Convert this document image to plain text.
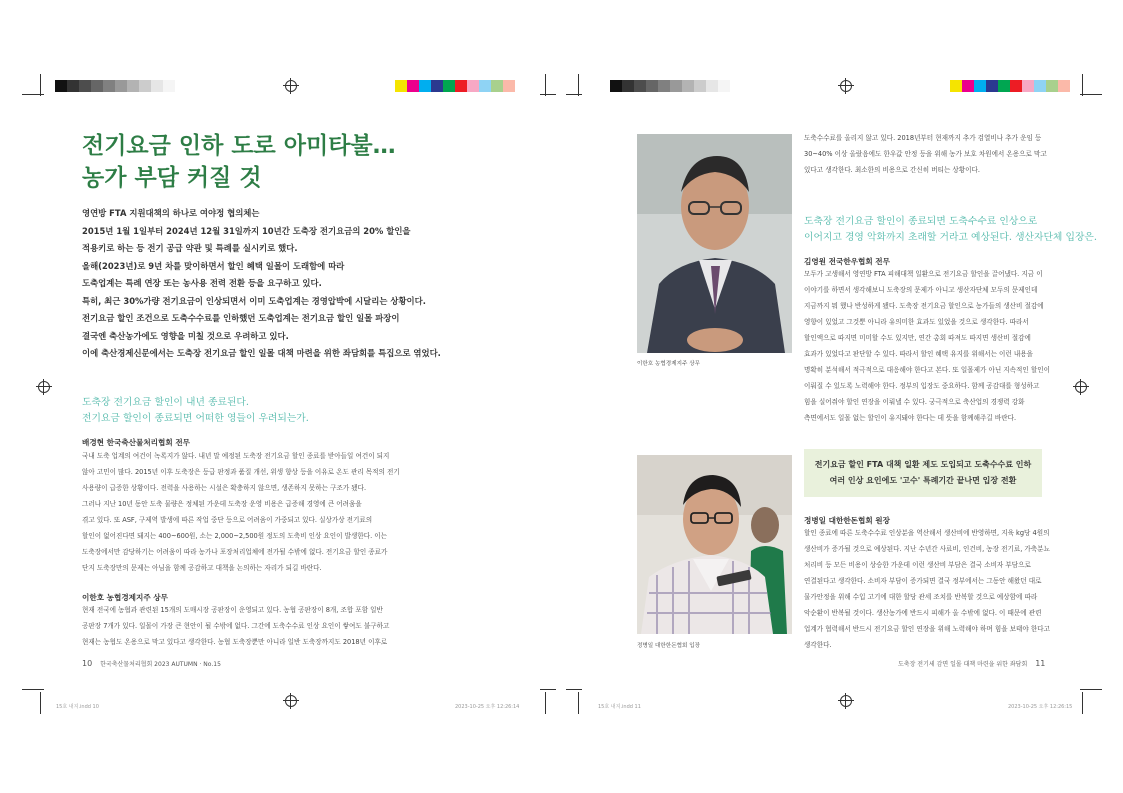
전기요금 인하 도로 아미타불…
농가 부담 커질 것
영연방 FTA 지원대책의 하나로 여야정 협의체는
2015년 1월 1일부터 2024년 12월 31일까지 10년간 도축장 전기요금의 20% 할인을
적용키로 하는 등 전기 공급 약관 및 특례를 실시키로 했다.
올해(2023년)로 9년 차를 맞이하면서 할인 혜택 일몰이 도래함에 따라
도축업계는 특례 연장 또는 농사용 전력 전환 등을 요구하고 있다.
특히, 최근 30%가량 전기요금이 인상되면서 이미 도축업계는 경영압박에 시달리는 상황이다.
전기요금 할인 조건으로 도축수수료를 인하했던 도축업계는 전기요금 할인 일몰 파장이
결국엔 축산농가에도 영향을 미칠 것으로 우려하고 있다.
이에 축산경제신문에서는 도축장 전기요금 할인 일몰 대책 마련을 위한 좌담회를 특집으로 엮었다.
도축장 전기요금 할인이 내년 종료된다.
전기요금 할인이 종료되면 어떠한 영들이 우려되는가.
배경현 한국축산물처리협회 전무

국내 도축 업계의 여건이 녹록지가 않다. 내년 말 예정된 도축장 전기요금 할인 종료를 받아들일 여건이 되지

않아 고민이 많다. 2015년 이후 도축장은 등급 판정과 품질 개선, 위생 향상 등을 이유로 온도 관리 목적의 전기

사용량이 급증한 상황이다. 전력을 사용하는 시설은 확충하지 않으면, 생존하지 못하는 구조가 됐다.

그러나 지난 10년 동안 도축 물량은 정체된 가운데 도축장 운영 비용은 급증해 경영에 큰 어려움을

겪고 있다. 또 ASF, 구제역 발생에 따른 작업 중단 등으로 어려움이 가중되고 있다. 실상가상 전기료의

할인이 없어진다면 돼지는 400~600원, 소는 2,000~2,500원 정도의 도축비 인상 요인이 발생한다. 이는

도축장에서만 감당하기는 어려움이 따라 농가나 포장처리업체에 전가될 수밖에 없다. 전기요금 할인 종료가

단지 도축장만의 문제는 아님을 함께 공감하고 대책을 논의하는 자리가 되길 바란다.

이한호 농협경제지주 상무

현재 전국에 농협과 관련된 15개의 도매시장 공판장이 운영되고 있다. 농협 공판장이 8개, 조합 포함 일반

공판장 7개가 있다. 일몰이 가장 큰 현안이 될 수밖에 없다. 그간에 도축수수료 인상 요인이 쌓여도 불구하고

현재는 농협도 온용으로 막고 있다고 생각한다. 농협 도축장뿐만 아니라 일반 도축장까지도 2018년 이후로

10 한국축산물처리협회 2023 AUTUMN · No.15
15호 내지.indd 10	2023-10-25 오후 12:26:14
이한호 농협경제지주 상무

도축수수료를 올리지 않고 있다. 2018년부터 현재까지 추가 검열비나 추가 운임 등

30~40% 이상 올랐음에도 한우값 안정 등을 위해 농가 보호 차원에서 온용으로 막고

있다고 생각한다. 최소한의 비용으로 간신히 버티는 상황이다.

도축장 전기요금 할인이 종료되면 도축수수료 인상으로
이어지고 경영 악화까지 초래할 거라고 예상된다. 생산자단체 입장은.
김영원 전국한우협회 전무

모두가 고생해서 영연방 FTA 피해대책 일환으로 전기요금 할인을 끌어냈다. 지금 이

이야기를 하면서 생각해보니 도축장의 문제가 아니고 생산자단체 모두의 문제인데

지금까지 뭐 했나 반성하게 됐다. 도축장 전기요금 할인으로 농가들의 생산비 절감에

영향이 있었고 그것뿐 아니라 유의미한 효과도 있었을 것으로 생각한다. 따라서

할인액으로 따지면 미미할 수도 있지만, 연간 총회 따져도 따지면 생산비 절감에

효과가 있었다고 판단할 수 있다. 따라서 할인 혜택 유지를 위해서는 이런 내용을

명확히 분석해서 적극적으로 대응해야 한다고 본다. 또 일몰제가 아닌 지속적인 할인이

이뤄질 수 있도록 노력해야 한다. 정부의 입장도 중요하다. 함께 공감대를 형성하고

힘을 실어줘야 할인 연장을 이뤄낼 수 있다. 궁극적으로 축산업의 경쟁력 강화

측면에서도 일몰 없는 할인이 유지돼야 한다는 데 뜻을 함께해주길 바란다.

정병일 대한한돈협회 입장
전기요금 할인 FTA 대책 일환 제도 도입되고 도축수수료 인하
여러 인상 요인에도 '고수' 특례기간 끝나면 입장 전환
정병일 대한한돈협회 원장

할인 종료에 따른 도축수수료 인상분을 역산해서 생산비에 반영하면, 지육 kg당 4원의

생산비가 증가될 것으로 예상된다. 지난 수년간 사료비, 인건비, 농장 전기료, 가축분뇨

처리비 등 모든 비용이 상승한 가운데 이런 생산비 부담은 결국 소비자 부담으로

연결된다고 생각한다. 소비자 부담이 증가되면 결국 정부에서는 그동안 해왔던 대로

물가안정을 위해 수입 고기에 대한 할당 관세 조치를 반복할 것으로 예상함에 따라

악순환이 반복될 것이다. 생산농가에 반드시 피해가 올 수밖에 없다. 이 때문에 관련

업계가 협력해서 반드시 전기요금 할인 연장을 위해 노력해야 하며 힘을 보태야 한다고

생각한다.

도축장 전기세 감면 일몰 대책 마련을 위한 좌담회 11
15호 내지.indd 11	2023-10-25 오후 12:26:15
